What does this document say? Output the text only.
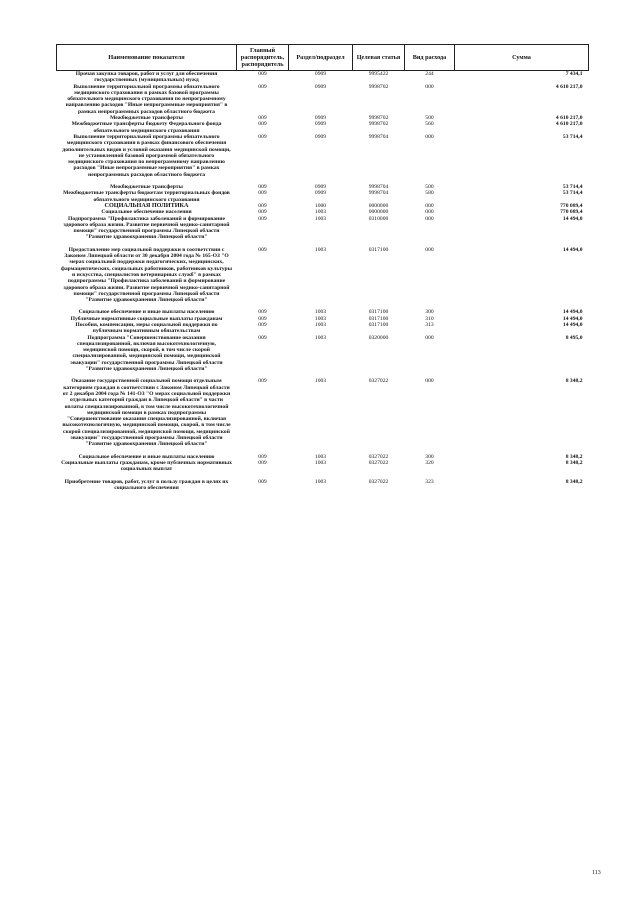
Наименование показателя	Главный распорядитель, распорядитель	Раздел/подраздел	Целевая статья	Вид расхода	Сумма
Прочая закупка товаров, работ и услуг для обеспечения государственных (муниципальных) нужд	009	0909	9995422	244	7 434,1
Выполнение территориальной программы обязательного медицинского страхования в рамках базовой программы обязательного медицинского страхования по непрограммному направлению расходов "Иные непрограммные мероприятия" в рамках непрограммных расходов областного бюджета	009	0909	9998702	000	4 610 217,0
Межбюджетные трансферты	009	0909	9998702	500	4 610 217,0
Межбюджетные трансферты бюджету Федерального фонда обязательного медицинского страхования	009	0909	9998702	560	4 610 217,0
Выполнение территориальной программы обязательного медицинского страхования в рамках финансового обеспечения дополнительных видов и условий оказания медицинской помощи, не установленной базовой программой обязательного медицинского страхования по непрограммному направлению расходов "Иные непрограммные мероприятия" в рамках непрограммных расходов областного бюджета	009	0909	9998704	000	53 714,4

Межбюджетные трансферты	009	0909	9998704	500	53 714,4
Межбюджетные трансферты бюджетам территориальных фондов обязательного медицинского страхования	009	0909	9998704	580	53 714,4
СОЦИАЛЬНАЯ ПОЛИТИКА	009	1000	0000000	000	770 089,4
Социальное обеспечение населения	009	1003	0000000	000	770 089,4
Подпрограмма "Профилактика заболеваний и формирование здорового образа жизни. Развитие первичной медико-санитарной помощи" государственной программы Липецкой области "Развитие здравоохранения Липецкой области"	009	1003	0310000	000	14 494,0

Предоставление мер социальной поддержки в соответствии с Законом Липецкой области от 30 декабря 2004 года № 165-ОЗ "О мерах социальной поддержки педагогических, медицинских, фармацевтических, социальных работников, работников культуры и искусства, специалистов ветеринарных служб" в рамках подпрограммы "Профилактика заболеваний и формирование здорового образа жизни. Развитие первичной медико-санитарной помощи" государственной программы Липецкой области "Развитие здравоохранения Липецкой области"	009	1003	0317100	000	14 494,0

Социальное обеспечение и иные выплаты населению	009	1003	0317100	300	14 494,0
Публичные нормативные социальные выплаты гражданам	009	1003	0317100	310	14 494,0
Пособия, компенсации, меры социальной поддержки по публичным нормативным обязательствам	009	1003	0317100	313	14 494,0
Подпрограмма "Совершенствование оказания специализированной, включая высокотехнологичную, медицинской помощи, скорой, в том числе скорой специализированной, медицинской помощи, медицинской эвакуации" государственной программы Липецкой области "Развитие здравоохранения Липецкой области"	009	1003	0320000	000	8 495,0

Оказание государственной социальной помощи отдельным категориям граждан в соответствии с Законом Липецкой области от 2 декабря 2004 года № 141-ОЗ "О мерах социальной поддержки отдельных категорий граждан в Липецкой области" в части оплаты специализированной, в том числе высокотехнологичной медицинской помощи в рамках подпрограммы "Совершенствование оказания специализированной, включая высокотехнологичную, медицинской помощи, скорой, в том числе скорой специализированной, медицинской помощи, медицинской эвакуации" государственной программы Липецкой области "Развитие здравоохранения Липецкой области"	009	1003	0327022	000	8 348,2

Социальное обеспечение и иные выплаты населению	009	1003	0327022	300	8 348,2
Социальные выплаты гражданам, кроме публичных нормативных социальных выплат	009	1003	0327022	320	8 348,2

Приобретение товаров, работ, услуг в пользу граждан в целях их социального обеспечения	009	1003	0327022	323	8 348,2
113
